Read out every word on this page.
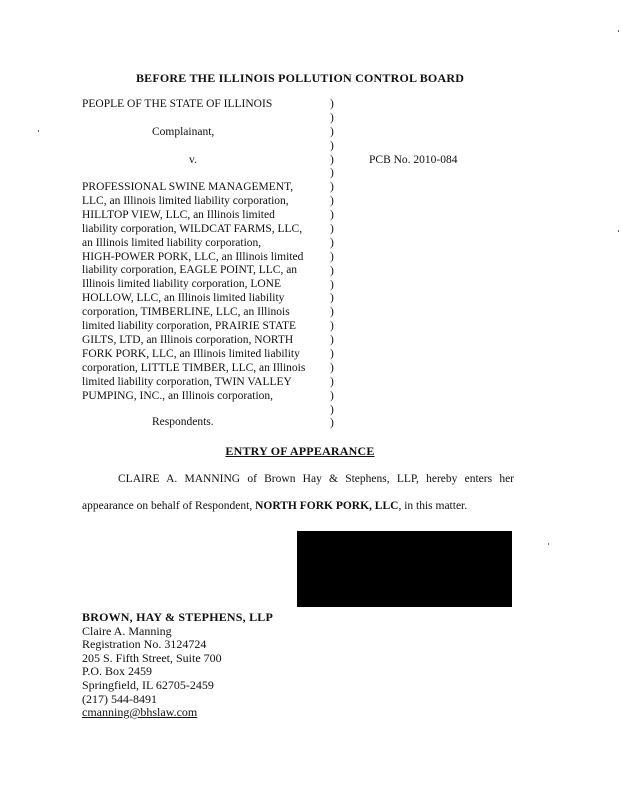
BEFORE THE ILLINOIS POLLUTION CONTROL BOARD
PEOPLE OF THE STATE OF ILLINOIS
Complainant,
v.
PROFESSIONAL SWINE MANAGEMENT,
LLC, an Illinois limited liability corporation,
HILLTOP VIEW, LLC, an Illinois limited
liability corporation, WILDCAT FARMS, LLC,
an Illinois limited liability corporation,
HIGH-POWER PORK, LLC, an Illinois limited
liability corporation, EAGLE POINT, LLC, an
Illinois limited liability corporation, LONE
HOLLOW, LLC, an Illinois limited liability
corporation, TIMBERLINE, LLC, an Illinois
limited liability corporation, PRAIRIE STATE
GILTS, LTD, an Illinois corporation, NORTH
FORK PORK, LLC, an Illinois limited liability
corporation, LITTLE TIMBER, LLC, an Illinois
limited liability corporation, TWIN VALLEY
PUMPING, INC., an Illinois corporation,
Respondents.
)
)
)
)
)
)
)
)
)
)
)
)
)
)
)
)
)
)
)
)
)
)
)
)
PCB No. 2010-084
ENTRY OF APPEARANCE
CLAIRE A. MANNING of Brown Hay & Stephens, LLP, hereby enters her
appearance on behalf of Respondent, NORTH FORK PORK, LLC, in this matter.
BROWN, HAY & STEPHENS, LLP
Claire A. Manning
Registration No. 3124724
205 S. Fifth Street, Suite 700
P.O. Box 2459
Springfield, IL 62705-2459
(217) 544-8491
cmanning@bhslaw.com
